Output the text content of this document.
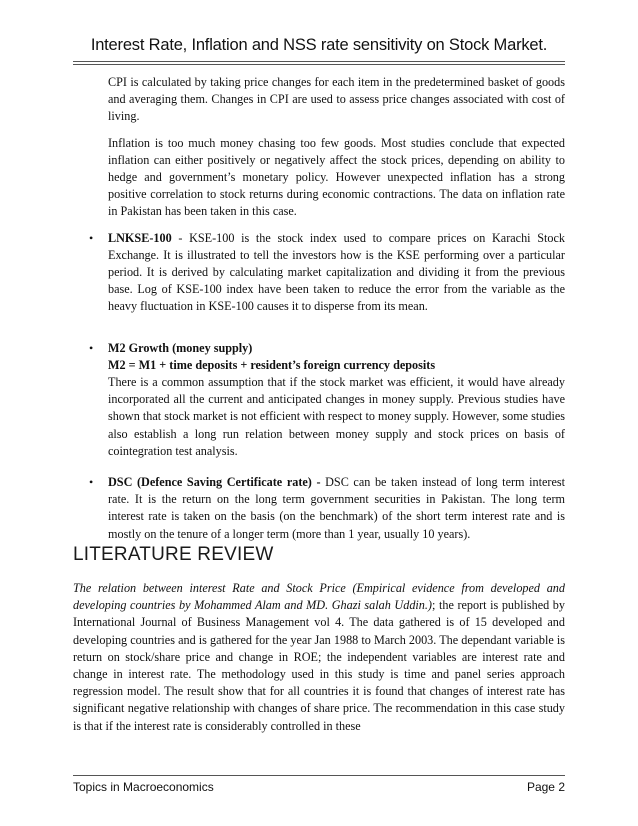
Interest Rate, Inflation and NSS rate sensitivity on Stock Market.

CPI is calculated by taking price changes for each item in the predetermined basket of goods and averaging them. Changes in CPI are used to assess price changes associated with cost of living.

Inflation is too much money chasing too few goods. Most studies conclude that expected inflation can either positively or negatively affect the stock prices, depending on ability to hedge and government’s monetary policy. However unexpected inflation has a strong positive correlation to stock returns during economic contractions. The data on inflation rate in Pakistan has been taken in this case.

• LNKSE-100 - KSE-100 is the stock index used to compare prices on Karachi Stock Exchange. It is illustrated to tell the investors how is the KSE performing over a particular period. It is derived by calculating market capitalization and dividing it from the previous base. Log of KSE-100 index have been taken to reduce the error from the variable as the heavy fluctuation in KSE-100 causes it to disperse from its mean.

• M2 Growth (money supply)

M2 = M1 + time deposits + resident’s foreign currency deposits

There is a common assumption that if the stock market was efficient, it would have already incorporated all the current and anticipated changes in money supply. Previous studies have shown that stock market is not efficient with respect to money supply. However, some studies also establish a long run relation between money supply and stock prices on basis of cointegration test analysis.

• DSC (Defence Saving Certificate rate) - DSC can be taken instead of long term interest rate. It is the return on the long term government securities in Pakistan. The long term interest rate is taken on the basis (on the benchmark) of the short term interest rate and is mostly on the tenure of a longer term (more than 1 year, usually 10 years).

LITERATURE REVIEW
The relation between interest Rate and Stock Price (Empirical evidence from developed and developing countries by Mohammed Alam and MD. Ghazi salah Uddin.); the report is published by International Journal of Business Management vol 4. The data gathered is of 15 developed and developing countries and is gathered for the year Jan 1988 to March 2003. The dependant variable is return on stock/share price and change in ROE; the independent variables are interest rate and change in interest rate. The methodology used in this study is time and panel series approach regression model. The result show that for all countries it is found that changes of interest rate has significant negative relationship with changes of share price. The recommendation in this case study is that if the interest rate is considerably controlled in these
Topics in Macroeconomics	Page 2
